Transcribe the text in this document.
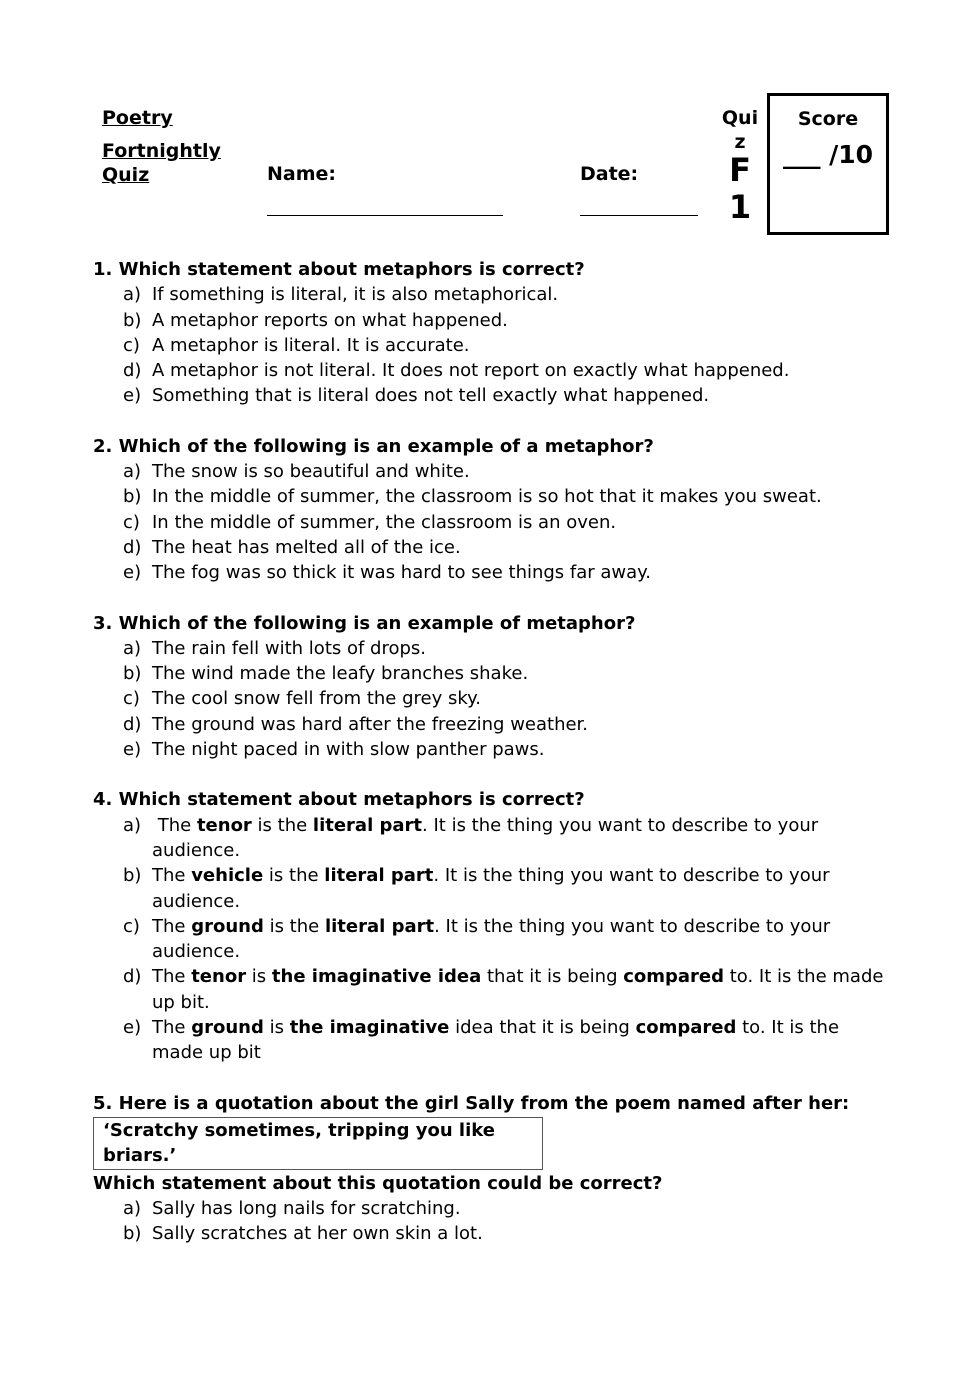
Poetry
Fortnightly Quiz	Name:	Date:
Quiz
F1
Score
___ /10
1. Which statement about metaphors is correct?
a) If something is literal, it is also metaphorical.
b) A metaphor reports on what happened.
c) A metaphor is literal. It is accurate.
d) A metaphor is not literal. It does not report on exactly what happened.
e) Something that is literal does not tell exactly what happened.
2. Which of the following is an example of a metaphor?
a) The snow is so beautiful and white.
b) In the middle of summer, the classroom is so hot that it makes you sweat.
c) In the middle of summer, the classroom is an oven.
d) The heat has melted all of the ice.
e) The fog was so thick it was hard to see things far away.
3. Which of the following is an example of metaphor?
a) The rain fell with lots of drops.
b) The wind made the leafy branches shake.
c) The cool snow fell from the grey sky.
d) The ground was hard after the freezing weather.
e) The night paced in with slow panther paws.
4. Which statement about metaphors is correct?
a) The tenor is the literal part. It is the thing you want to describe to your audience.
b) The vehicle is the literal part. It is the thing you want to describe to your audience.
c) The ground is the literal part. It is the thing you want to describe to your audience.
d) The tenor is the imaginative idea that it is being compared to. It is the made up bit.
e) The ground is the imaginative idea that it is being compared to. It is the made up bit
5. Here is a quotation about the girl Sally from the poem named after her:
‘Scratchy sometimes, tripping you like briars.’
Which statement about this quotation could be correct?
a) Sally has long nails for scratching.
b) Sally scratches at her own skin a lot.
